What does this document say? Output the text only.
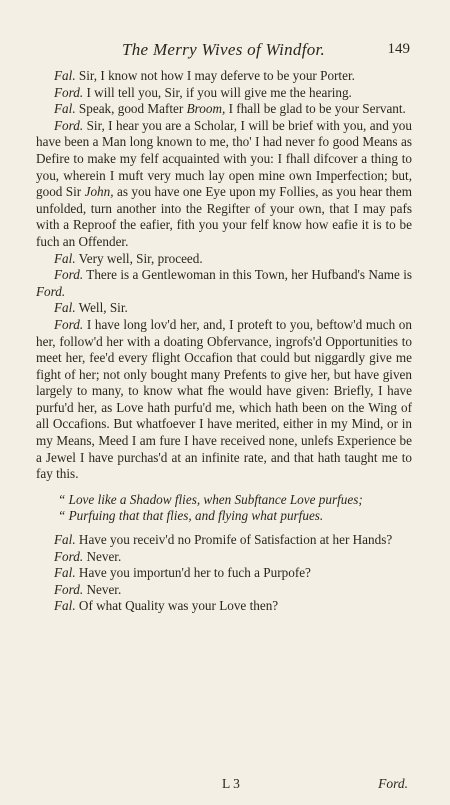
The Merry Wives of Windfor.	149

Fal. Sir, I know not how I may deferve to be your Porter.

Ford. I will tell you, Sir, if you will give me the hearing.

Fal. Speak, good Mafter Broom, I fhall be glad to be your Servant.

Ford. Sir, I hear you are a Scholar, I will be brief with you, and you have been a Man long known to me, tho' I had never fo good Means as Defire to make my felf acquainted with you: I fhall difcover a thing to you, wherein I muft very much lay open mine own Imperfection; but, good Sir John, as you have one Eye upon my Follies, as you hear them unfolded, turn another into the Regifter of your own, that I may pafs with a Reproof the eafier, fith you your felf know how eafie it is to be fuch an Offender.

Fal. Very well, Sir, proceed.

Ford. There is a Gentlewoman in this Town, her Hufband's Name is Ford.

Fal. Well, Sir.

Ford. I have long lov'd her, and, I proteft to you, beftow'd much on her, follow'd her with a doating Obfervance, ingrofs'd Opportunities to meet her, fee'd every flight Occafion that could but niggardly give me fight of her; not only bought many Prefents to give her, but have given largely to many, to know what fhe would have given: Briefly, I have purfu'd her, as Love hath purfu'd me, which hath been on the Wing of all Occafions. But whatfoever I have merited, either in my Mind, or in my Means, Meed I am fure I have received none, unlefs Experience be a Jewel I have purchas'd at an infinite rate, and that hath taught me to fay this.

“ Love like a Shadow flies, when Subftance Love purfues;
“ Purfuing that that flies, and flying what purfues.

Fal. Have you receiv'd no Promife of Satisfaction at her Hands?

Ford. Never.

Fal. Have you importun'd her to fuch a Purpofe?

Ford. Never.

Fal. Of what Quality was your Love then?

L 3	Ford.
